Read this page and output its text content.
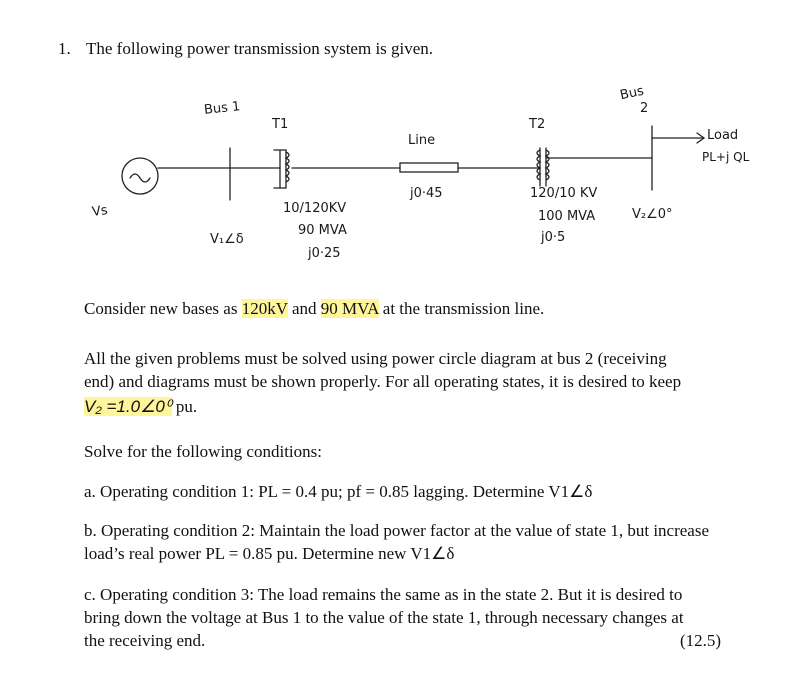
1. The following power transmission system is given.
Bus 1
T1
Vs	10/120KV
V₁∠δ
90 MVA
j0·25
Line
j0·45
T2
120/10 KV
100 MVA
j0·5
Bus
2
V₂∠0°
Load
PL+j QL
Consider new bases as 120kV and 90 MVA at the transmission line.
All the given problems must be solved using power circle diagram at bus 2 (receiving
end) and diagrams must be shown properly. For all operating states, it is desired to keep
V₂ =1.0∠0⁰ pu.
Solve for the following conditions:
a. Operating condition 1: PL = 0.4 pu; pf = 0.85 lagging. Determine V1∠δ
b. Operating condition 2: Maintain the load power factor at the value of state 1, but increase
load’s real power PL = 0.85 pu. Determine new V1∠δ
c. Operating condition 3: The load remains the same as in the state 2. But it is desired to
bring down the voltage at Bus 1 to the value of the state 1, through necessary changes at
the receiving end.	(12.5)
